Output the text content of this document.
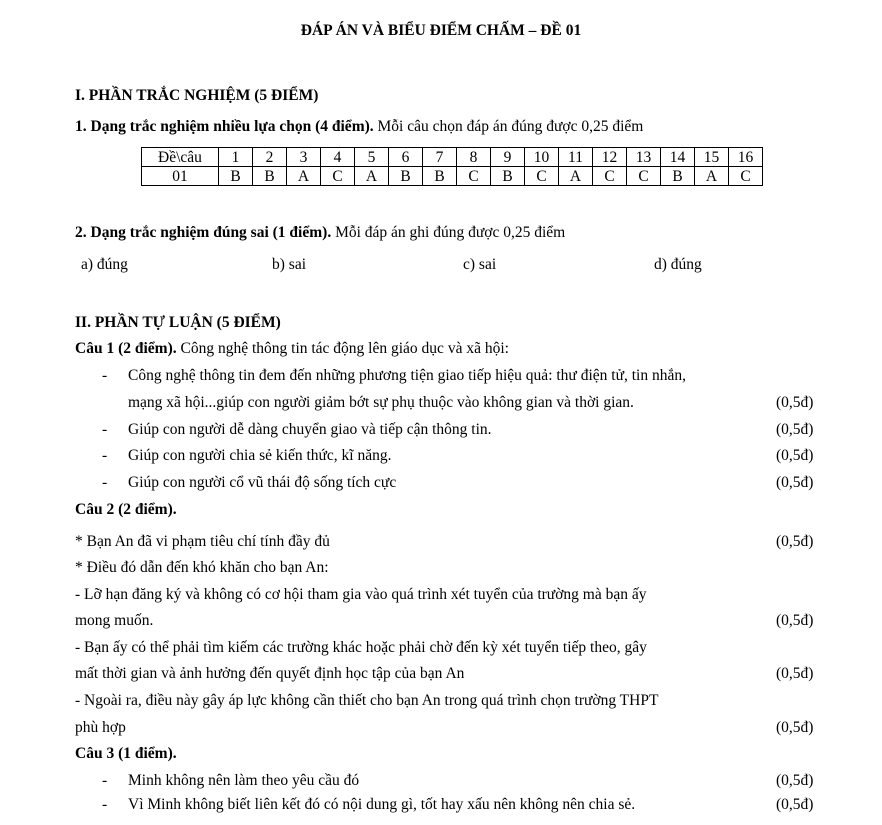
ĐÁP ÁN VÀ BIỂU ĐIỂM CHẤM – ĐỀ 01
I. PHẦN TRẮC NGHIỆM (5 ĐIỂM)
1. Dạng trắc nghiệm nhiều lựa chọn (4 điểm). Mỗi câu chọn đáp án đúng được 0,25 điểm
Đề\câu	1	2	3	4	5	6	7	8	9	10	11	12	13	14	15	16
01	B	B	A	C	A	B	B	C	B	C	A	C	C	B	A	C
2. Dạng trắc nghiệm đúng sai (1 điểm). Mỗi đáp án ghi đúng được 0,25 điểm
a) đúng	b) sai	c) sai	d) đúng
II. PHẦN TỰ LUẬN (5 ĐIỂM)
Câu 1 (2 điểm). Công nghệ thông tin tác động lên giáo dục và xã hội:
- Công nghệ thông tin đem đến những phương tiện giao tiếp hiệu quả: thư điện tử, tin nhắn,
mạng xã hội...giúp con người giảm bớt sự phụ thuộc vào không gian và thời gian.	(0,5đ)
- Giúp con người dễ dàng chuyển giao và tiếp cận thông tin.	(0,5đ)
- Giúp con người chia sẻ kiến thức, kĩ năng.	(0,5đ)
- Giúp con người cổ vũ thái độ sống tích cực	(0,5đ)
Câu 2 (2 điểm).
* Bạn An đã vi phạm tiêu chí tính đầy đủ	(0,5đ)
* Điều đó dẫn đến khó khăn cho bạn An:
- Lỡ hạn đăng ký và không có cơ hội tham gia vào quá trình xét tuyển của trường mà bạn ấy
mong muốn.	(0,5đ)
- Bạn ấy có thể phải tìm kiếm các trường khác hoặc phải chờ đến kỳ xét tuyển tiếp theo, gây
mất thời gian và ảnh hưởng đến quyết định học tập của bạn An	(0,5đ)
- Ngoài ra, điều này gây áp lực không cần thiết cho bạn An trong quá trình chọn trường THPT
phù hợp	(0,5đ)
Câu 3 (1 điểm).
- Minh không nên làm theo yêu cầu đó	(0,5đ)
- Vì Minh không biết liên kết đó có nội dung gì, tốt hay xấu nên không nên chia sẻ.	(0,5đ)
